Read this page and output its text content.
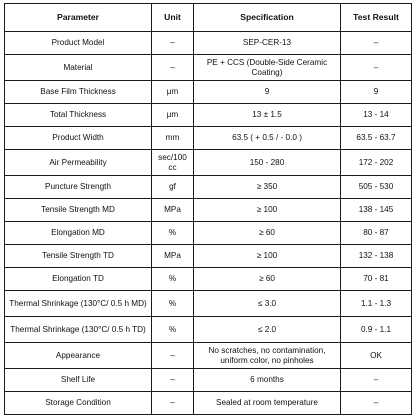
Parameter	Unit	Specification	Test Result
Product Model	–	SEP-CER-13	–
Material	–	PE + CCS (Double-Side Ceramic Coating)	–
Base Film Thickness	μm	9	9
Total Thickness	μm	13 ± 1.5	13 - 14
Product Width	mm	63.5 ( + 0.5 / - 0.0 )	63.5 - 63.7
Air Permeability	sec/100 cc	150 - 280	172 - 202
Puncture Strength	gf	≥ 350	505 - 530
Tensile Strength MD	MPa	≥ 100	138 - 145
Elongation MD	%	≥ 60	80 - 87
Tensile Strength TD	MPa	≥ 100	132 - 138
Elongation TD	%	≥ 60	70 - 81
Thermal Shrinkage (130°C/ 0.5 h MD)	%	≤ 3.0	1.1 - 1.3
Thermal Shrinkage (130°C/ 0.5 h TD)	%	≤ 2.0	0.9 - 1.1
Appearance	–	No scratches, no contamination, uniform color, no pinholes	OK
Shelf Life	–	6 months	–
Storage Condition	–	Sealed at room temperature	–
